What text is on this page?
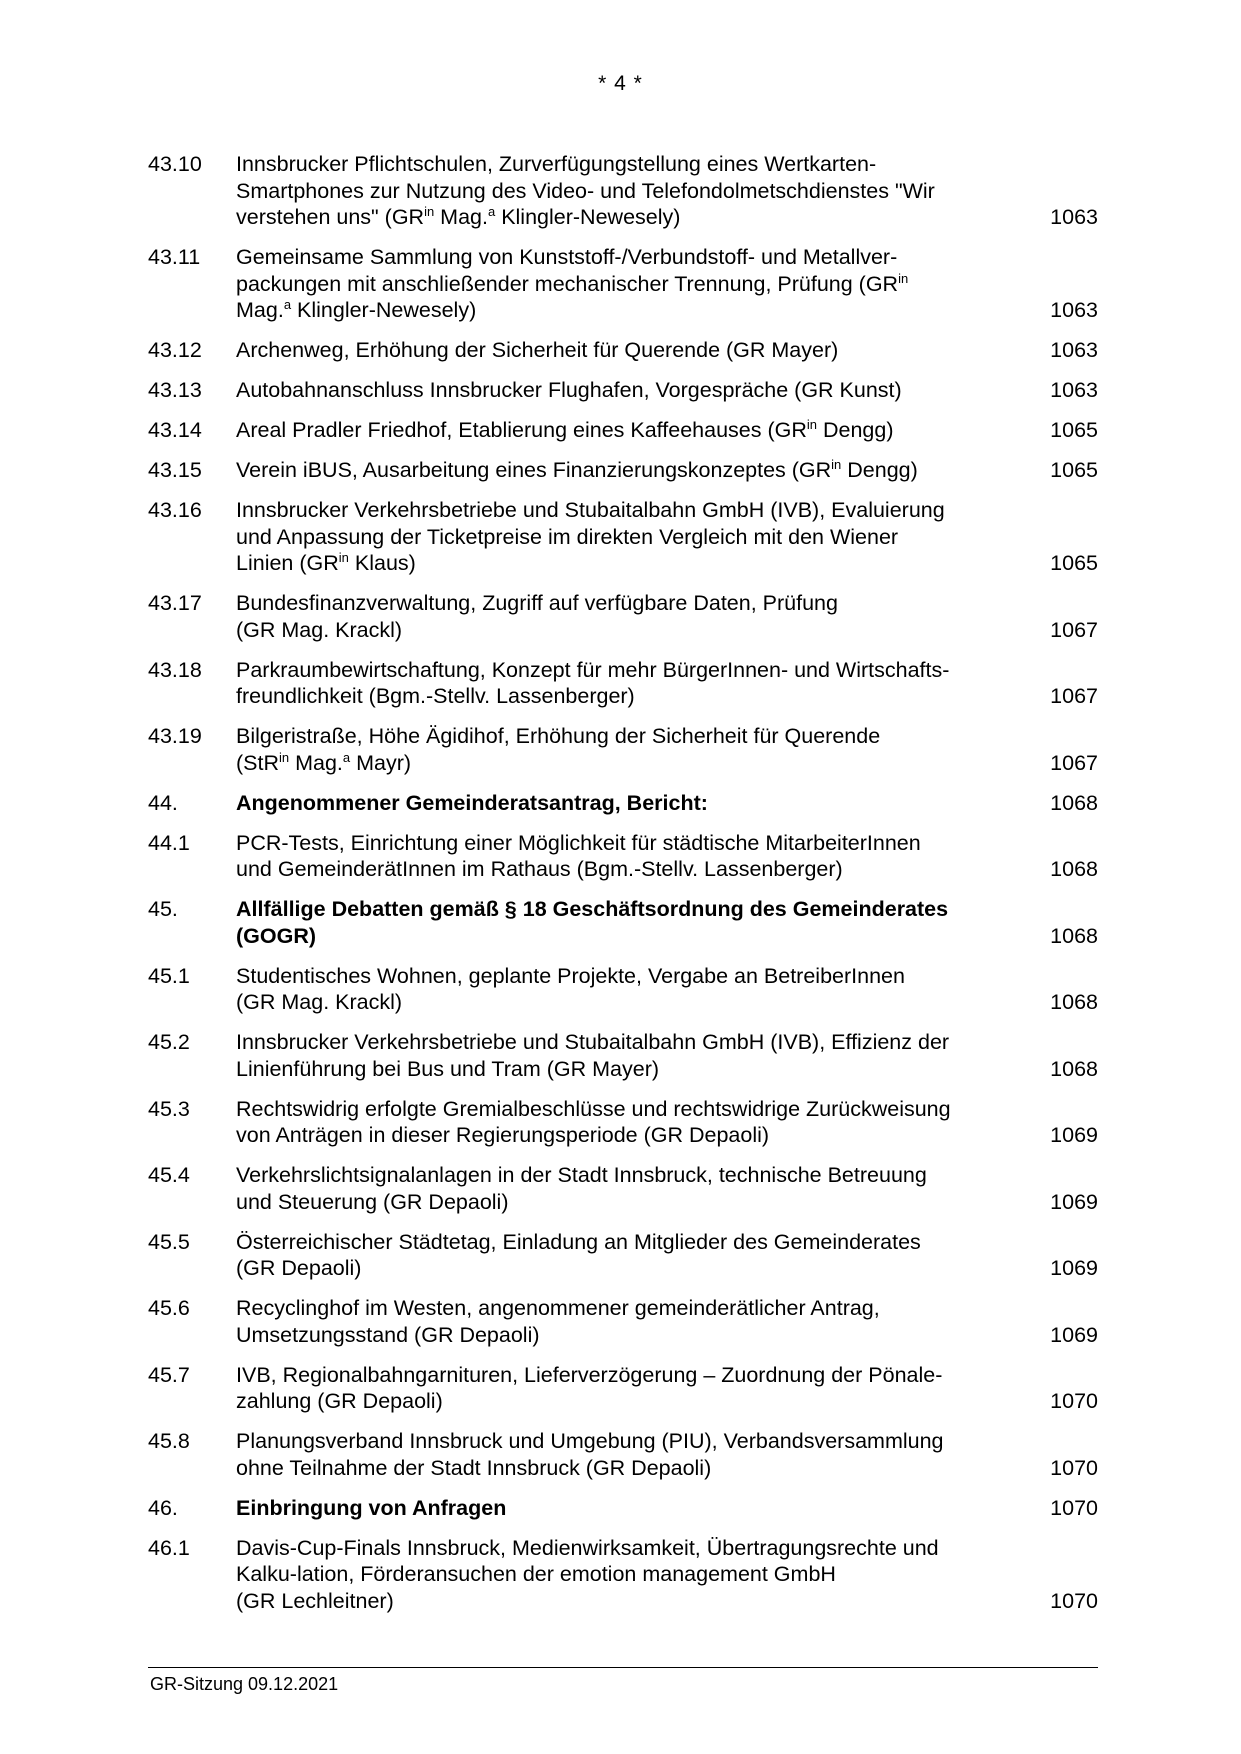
* 4 *
43.10	Innsbrucker Pflichtschulen, Zurverfügungstellung eines Wertkarten-
Smartphones zur Nutzung des Video- und Telefondolmetschdienstes "Wir
verstehen uns" ($GR^{in}$ Mag.$^a$ Klingler-Newesely)	1063
43.11	Gemeinsame Sammlung von Kunststoff-/Verbundstoff- und Metallver-
packungen mit anschließender mechanischer Trennung, Prüfung ($GR^{in}$
Mag.$^a$ Klingler-Newesely)	1063
43.12	Archenweg, Erhöhung der Sicherheit für Querende (GR Mayer)	1063
43.13	Autobahnanschluss Innsbrucker Flughafen, Vorgespräche (GR Kunst)	1063
43.14	Areal Pradler Friedhof, Etablierung eines Kaffeehauses ($GR^{in}$ Dengg)	1065
43.15	Verein iBUS, Ausarbeitung eines Finanzierungskonzeptes ($GR^{in}$ Dengg)	1065
43.16	Innsbrucker Verkehrsbetriebe und Stubaitalbahn GmbH (IVB), Evaluierung
und Anpassung der Ticketpreise im direkten Vergleich mit den Wiener
Linien ($GR^{in}$ Klaus)	1065
43.17	Bundesfinanzverwaltung, Zugriff auf verfügbare Daten, Prüfung
(GR Mag. Krackl)	1067
43.18	Parkraumbewirtschaftung, Konzept für mehr BürgerInnen- und Wirtschafts-
freundlichkeit (Bgm.-Stellv. Lassenberger)	1067
43.19	Bilgeristraße, Höhe Ägidihof, Erhöhung der Sicherheit für Querende
(StR$^{in}$ Mag.$^a$ Mayr)	1067
44.	Angenommener Gemeinderatsantrag, Bericht:	1068
44.1	PCR-Tests, Einrichtung einer Möglichkeit für städtische MitarbeiterInnen
und GemeinderätInnen im Rathaus (Bgm.-Stellv. Lassenberger)	1068
45.	Allfällige Debatten gemäß § 18 Geschäftsordnung des Gemeinderates
(GOGR)	1068
45.1	Studentisches Wohnen, geplante Projekte, Vergabe an BetreiberInnen
(GR Mag. Krackl)	1068
45.2	Innsbrucker Verkehrsbetriebe und Stubaitalbahn GmbH (IVB), Effizienz der
Linienführung bei Bus und Tram (GR Mayer)	1068
45.3	Rechtswidrig erfolgte Gremialbeschlüsse und rechtswidrige Zurückweisung
von Anträgen in dieser Regierungsperiode (GR Depaoli)	1069
45.4	Verkehrslichtsignalanlagen in der Stadt Innsbruck, technische Betreuung
und Steuerung (GR Depaoli)	1069
45.5	Österreichischer Städtetag, Einladung an Mitglieder des Gemeinderates
(GR Depaoli)	1069
45.6	Recyclinghof im Westen, angenommener gemeinderätlicher Antrag,
Umsetzungsstand (GR Depaoli)	1069
45.7	IVB, Regionalbahngarnituren, Lieferverzögerung – Zuordnung der Pönale-
zahlung (GR Depaoli)	1070
45.8	Planungsverband Innsbruck und Umgebung (PIU), Verbandsversammlung
ohne Teilnahme der Stadt Innsbruck (GR Depaoli)	1070
46.	Einbringung von Anfragen	1070
46.1	Davis-Cup-Finals Innsbruck, Medienwirksamkeit, Übertragungsrechte und
Kalku-lation, Förderansuchen der emotion management GmbH
(GR Lechleitner)	1070
GR-Sitzung 09.12.2021
